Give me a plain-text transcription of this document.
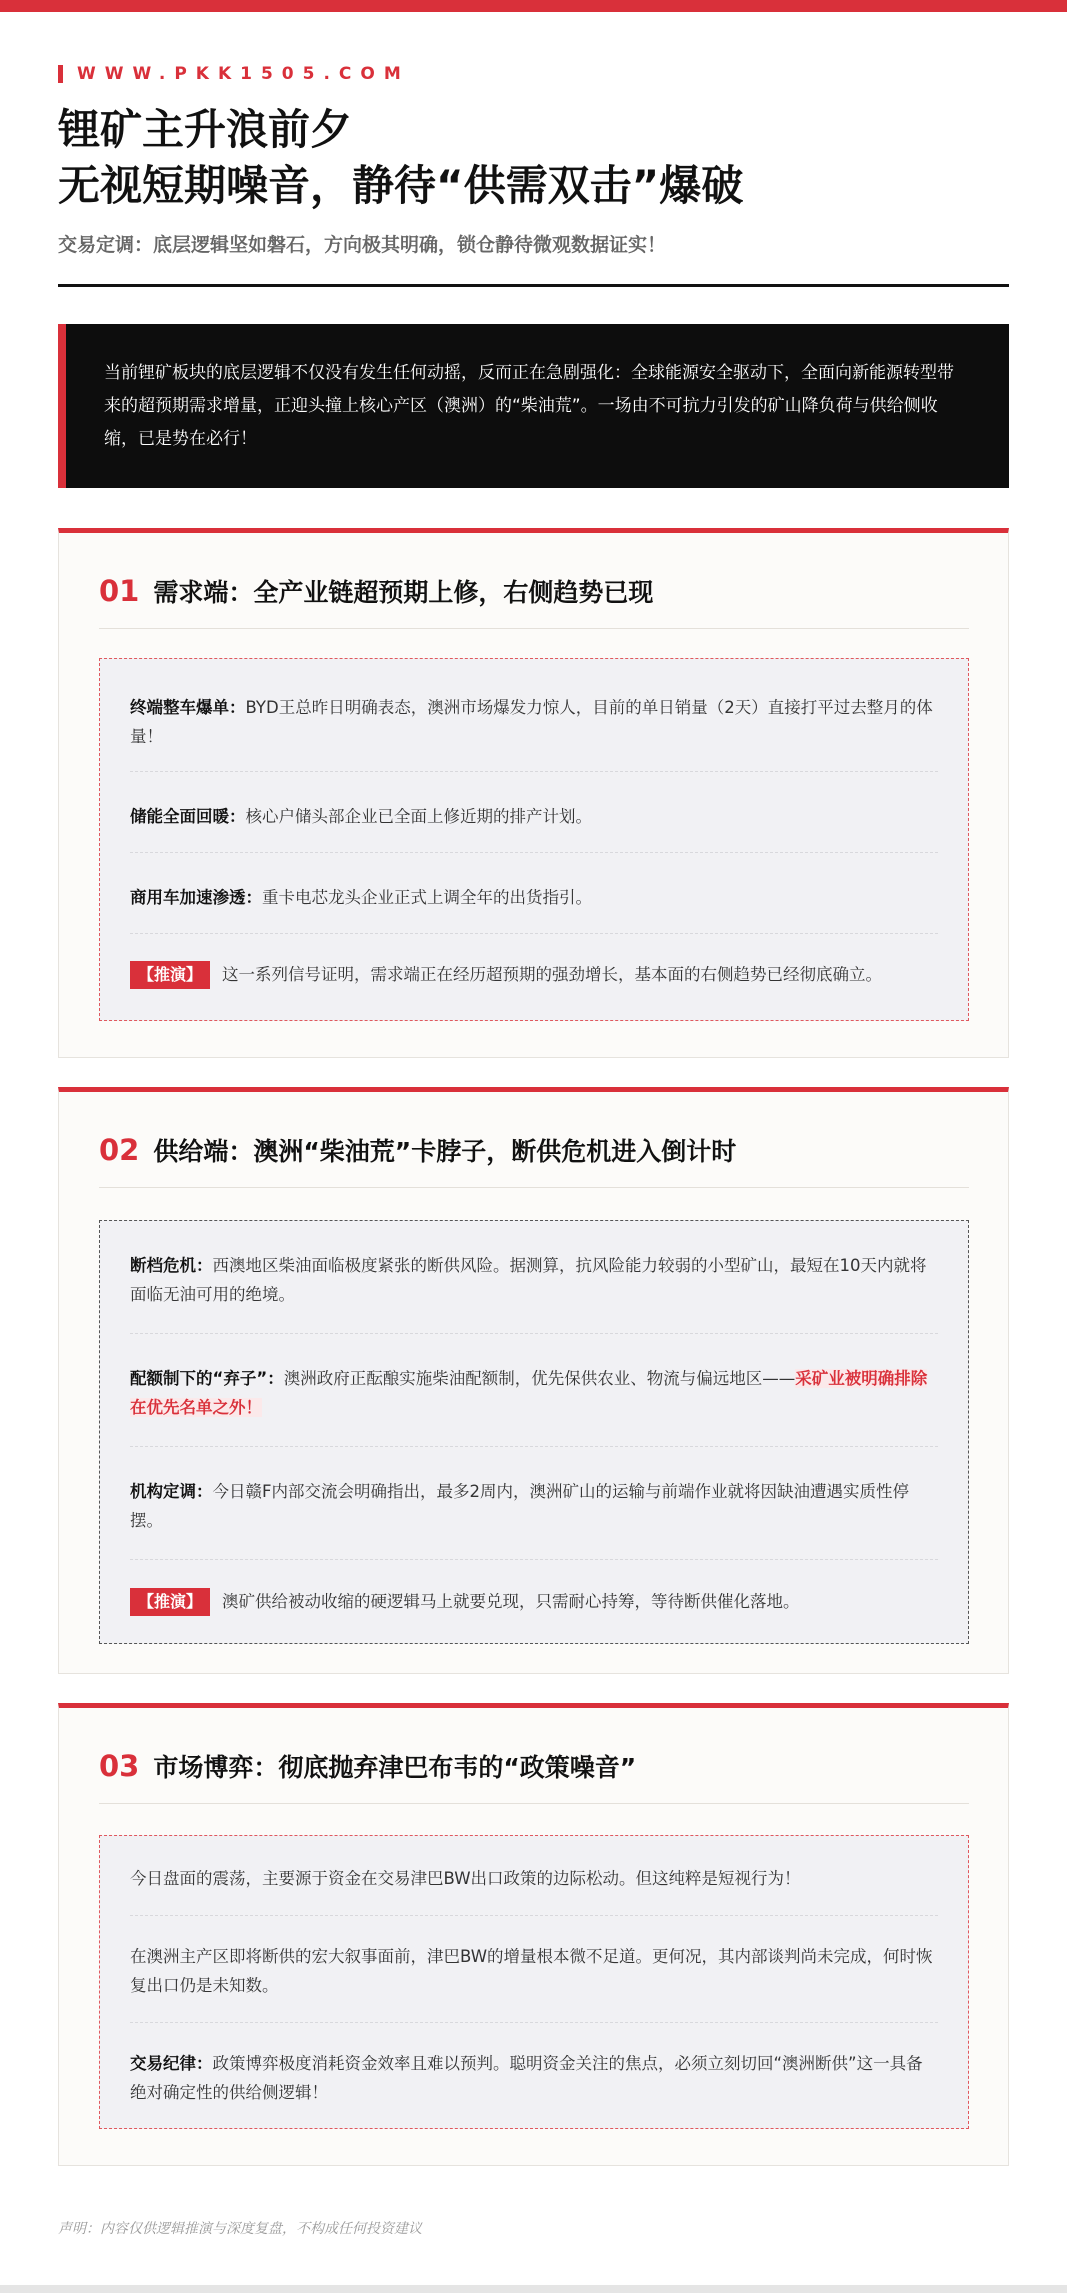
WWW.PKK1505.COM
锂矿主升浪前夕
无视短期噪音，静待“供需双击”爆破
交易定调：底层逻辑坚如磐石，方向极其明确，锁仓静待微观数据证实！
当前锂矿板块的底层逻辑不仅没有发生任何动摇，反而正在急剧强化：全球能源安全驱动下，全面向新能源转型带来的超预期需求增量，正迎头撞上核心产区（澳洲）的“柴油荒”。一场由不可抗力引发的矿山降负荷与供给侧收缩，已是势在必行！
01 需求端：全产业链超预期上修，右侧趋势已现
终端整车爆单：BYD王总昨日明确表态，澳洲市场爆发力惊人，目前的单日销量（2天）直接打平过去整月的体量！
储能全面回暖：核心户储头部企业已全面上修近期的排产计划。
商用车加速渗透：重卡电芯龙头企业正式上调全年的出货指引。
【推演】 这一系列信号证明，需求端正在经历超预期的强劲增长，基本面的右侧趋势已经彻底确立。
02 供给端：澳洲“柴油荒”卡脖子，断供危机进入倒计时
断档危机：西澳地区柴油面临极度紧张的断供风险。据测算，抗风险能力较弱的小型矿山，最短在10天内就将面临无油可用的绝境。
配额制下的“弃子”：澳洲政府正酝酿实施柴油配额制，优先保供农业、物流与偏远地区——采矿业被明确排除在优先名单之外！
机构定调：今日赣F内部交流会明确指出，最多2周内，澳洲矿山的运输与前端作业就将因缺油遭遇实质性停摆。
【推演】 澳矿供给被动收缩的硬逻辑马上就要兑现，只需耐心持筹，等待断供催化落地。
03 市场博弈：彻底抛弃津巴布韦的“政策噪音”
今日盘面的震荡，主要源于资金在交易津巴BW出口政策的边际松动。但这纯粹是短视行为！
在澳洲主产区即将断供的宏大叙事面前，津巴BW的增量根本微不足道。更何况，其内部谈判尚未完成，何时恢复出口仍是未知数。
交易纪律：政策博弈极度消耗资金效率且难以预判。聪明资金关注的焦点，必须立刻切回“澳洲断供”这一具备绝对确定性的供给侧逻辑！
声明：内容仅供逻辑推演与深度复盘，不构成任何投资建议
